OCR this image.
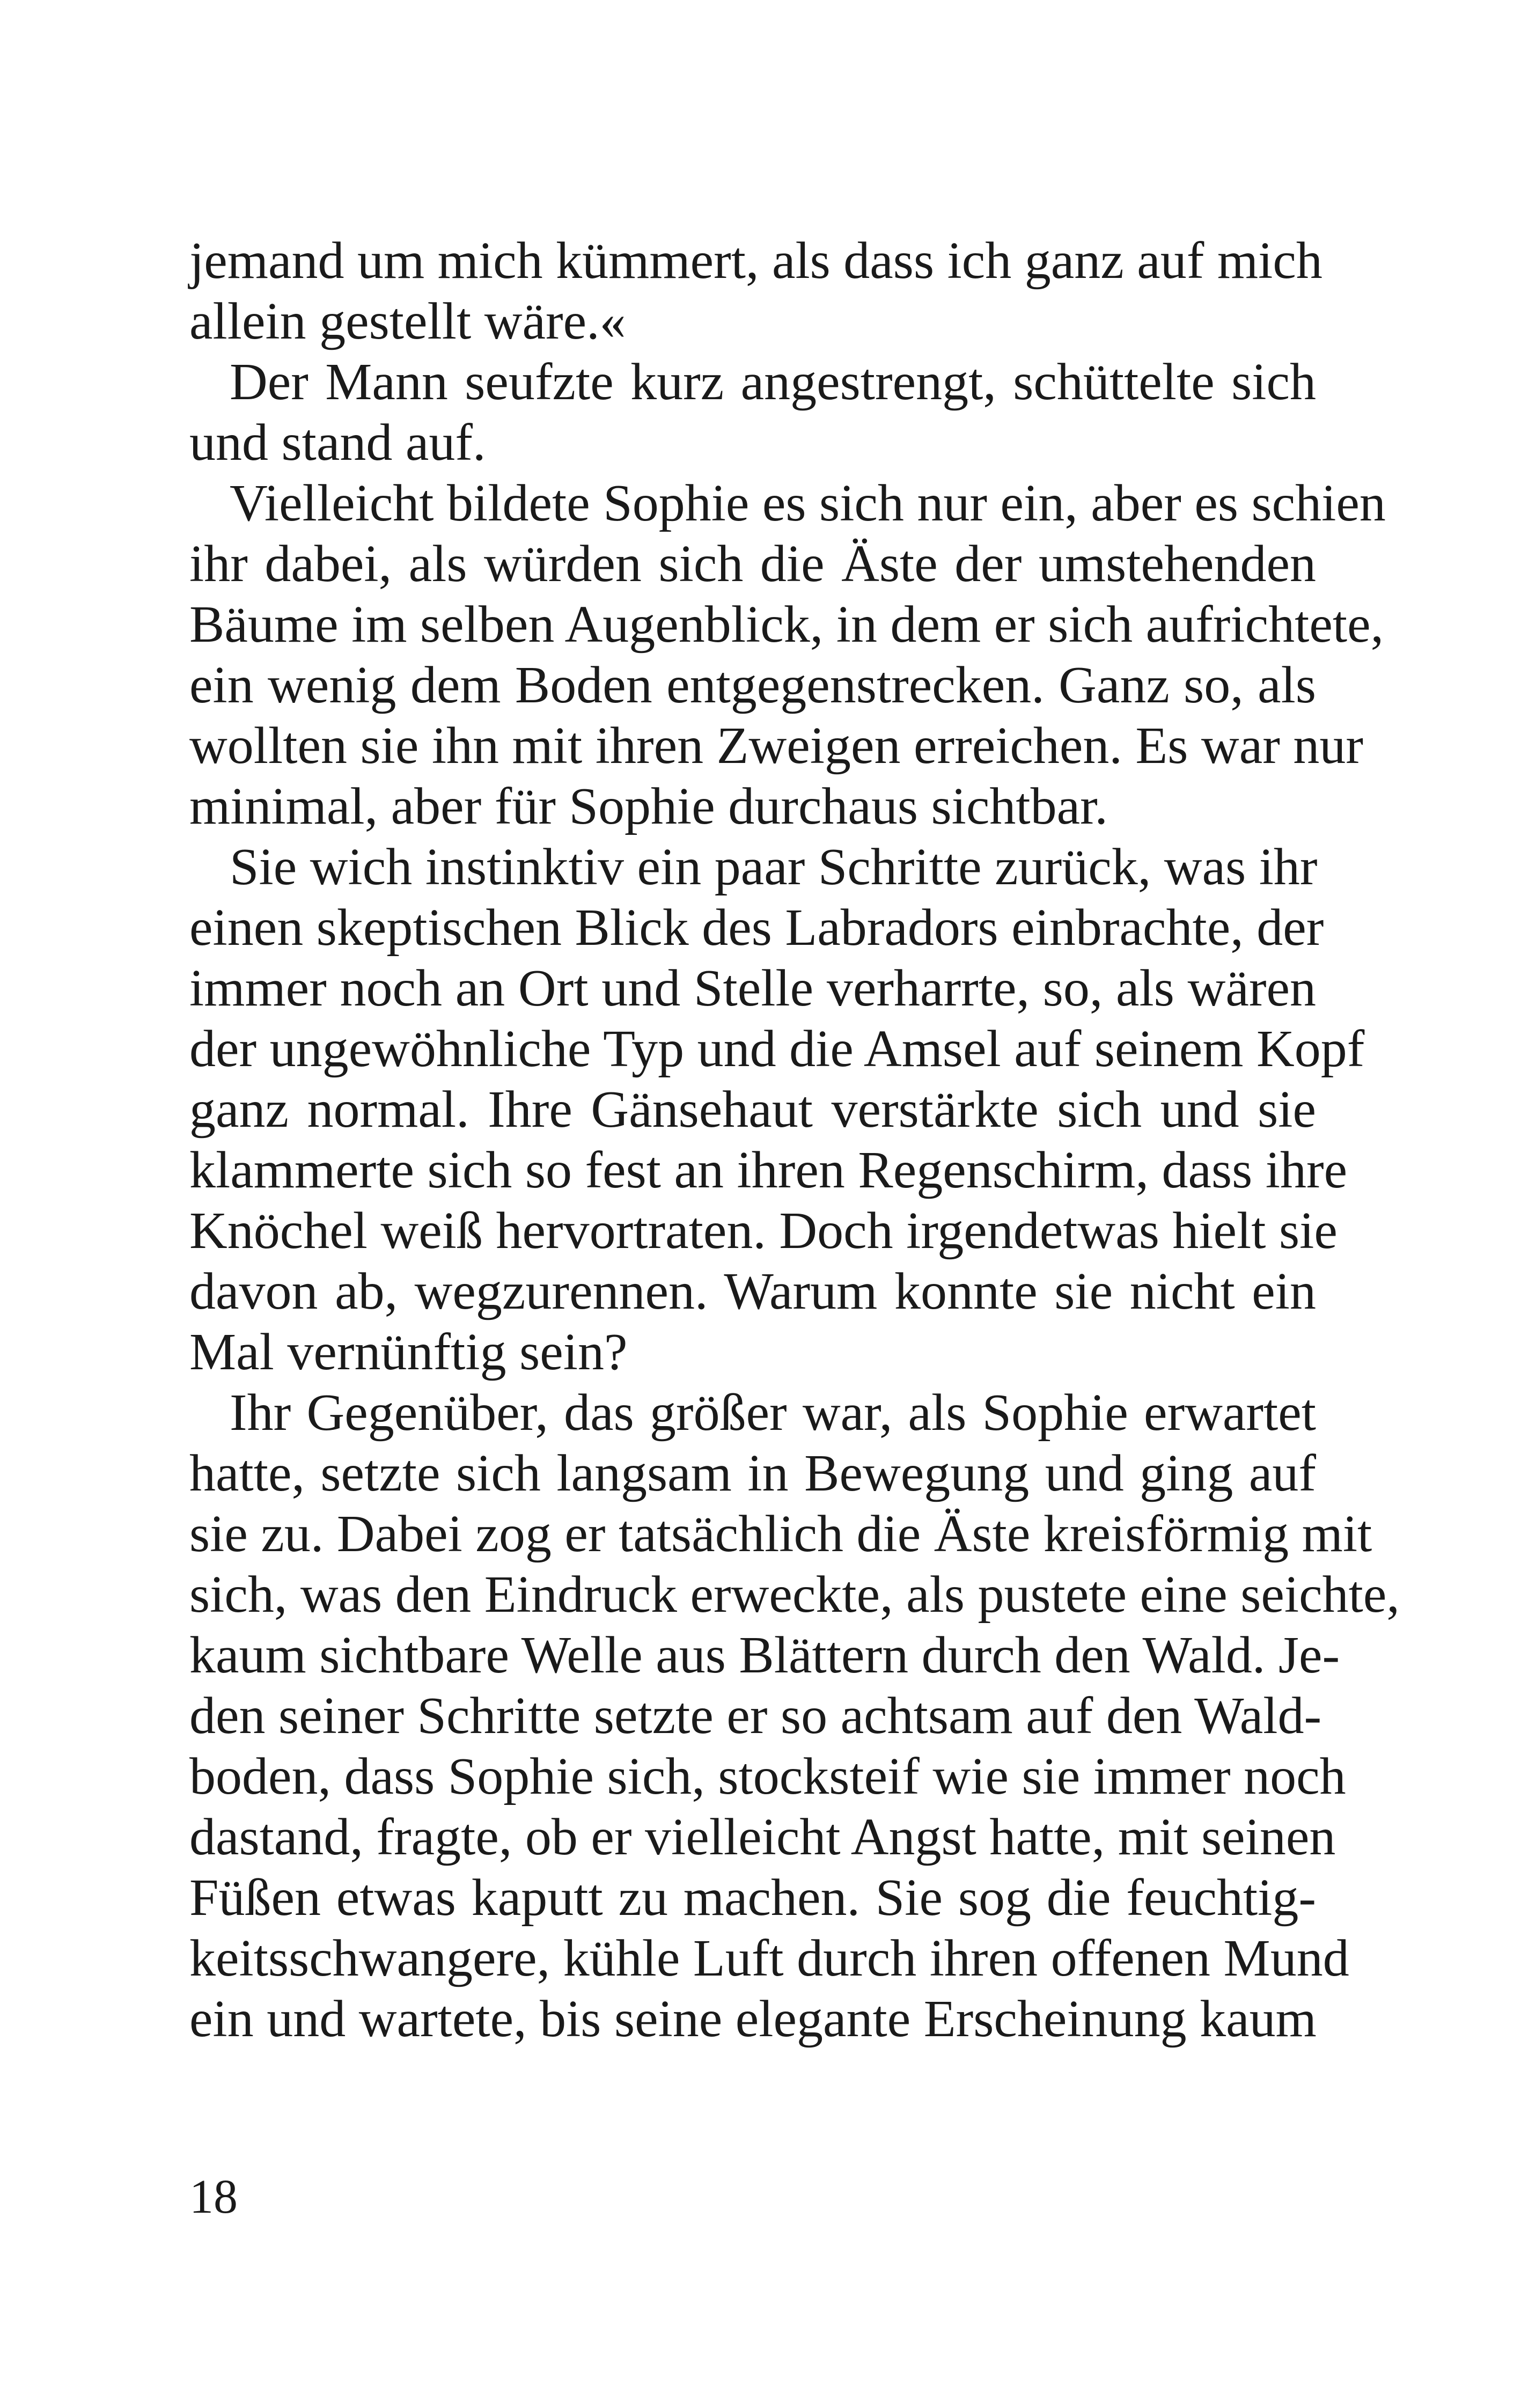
jemand um mich kümmert, als dass ich ganz auf mich
allein gestellt wäre.«
Der Mann seufzte kurz angestrengt, schüttelte sich
und stand auf.
Vielleicht bildete Sophie es sich nur ein, aber es schien
ihr dabei, als würden sich die Äste der umstehenden
Bäume im selben Augenblick, in dem er sich aufrichtete,
ein wenig dem Boden entgegenstrecken. Ganz so, als
wollten sie ihn mit ihren Zweigen erreichen. Es war nur
minimal, aber für Sophie durchaus sichtbar.
Sie wich instinktiv ein paar Schritte zurück, was ihr
einen skeptischen Blick des Labradors einbrachte, der
immer noch an Ort und Stelle verharrte, so, als wären
der ungewöhnliche Typ und die Amsel auf seinem Kopf
ganz normal. Ihre Gänsehaut verstärkte sich und sie
klammerte sich so fest an ihren Regenschirm, dass ihre
Knöchel weiß hervortraten. Doch irgendetwas hielt sie
davon ab, wegzurennen. Warum konnte sie nicht ein
Mal vernünftig sein?
Ihr Gegenüber, das größer war, als Sophie erwartet
hatte, setzte sich langsam in Bewegung und ging auf
sie zu. Dabei zog er tatsächlich die Äste kreisförmig mit
sich, was den Eindruck erweckte, als pustete eine seichte,
kaum sichtbare Welle aus Blättern durch den Wald. Je-
den seiner Schritte setzte er so achtsam auf den Wald-
boden, dass Sophie sich, stocksteif wie sie immer noch
dastand, fragte, ob er vielleicht Angst hatte, mit seinen
Füßen etwas kaputt zu machen. Sie sog die feuchtig-
keitsschwangere, kühle Luft durch ihren offenen Mund
ein und wartete, bis seine elegante Erscheinung kaum
18
